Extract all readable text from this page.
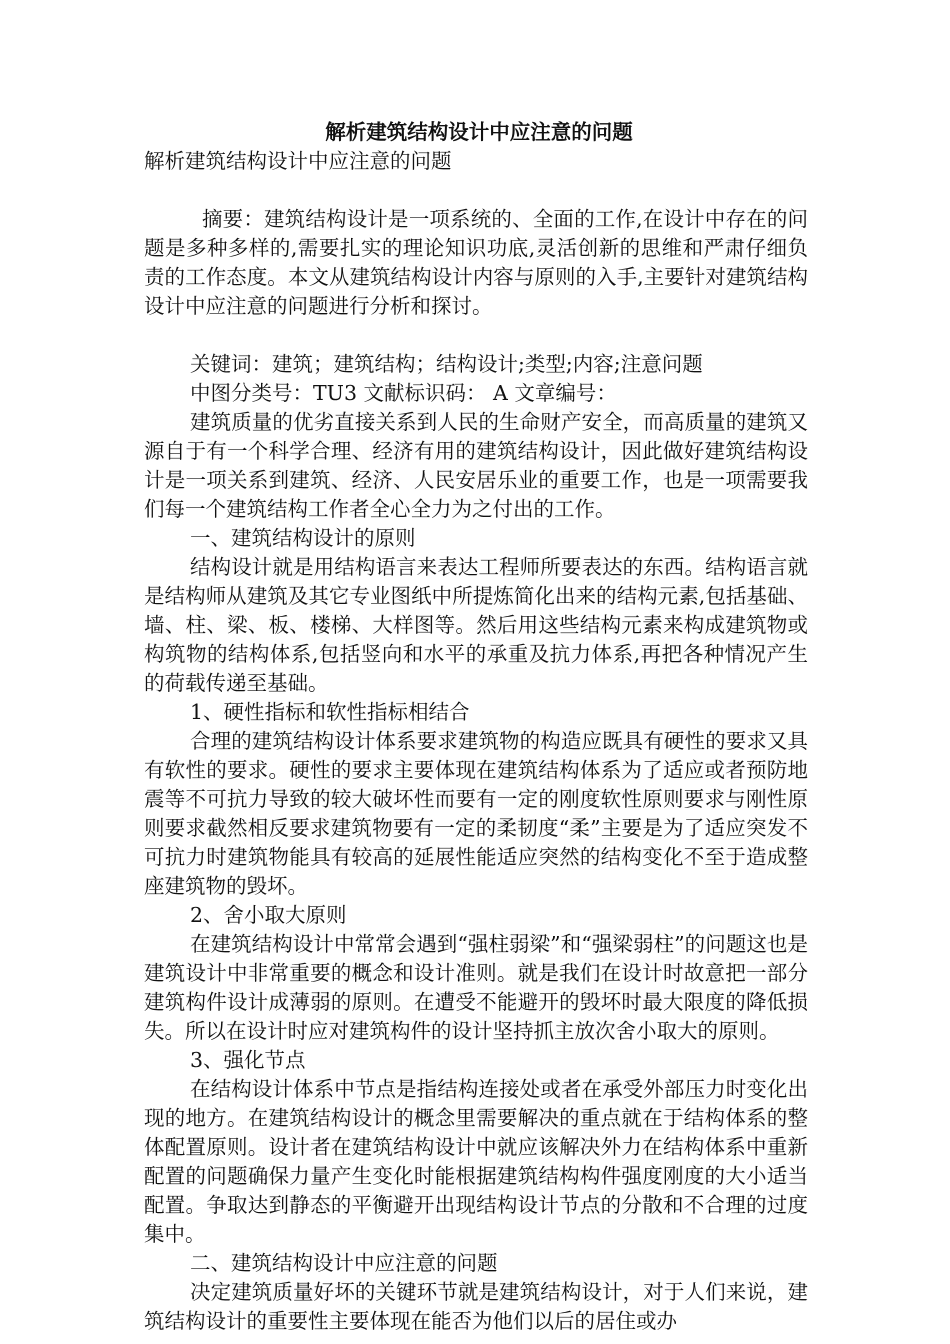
解析建筑结构设计中应注意的问题

解析建筑结构设计中应注意的问题

摘要：建筑结构设计是一项系统的、全面的工作,在设计中存在的问题是多种多样的,需要扎实的理论知识功底,灵活创新的思维和严肃仔细负责的工作态度。本文从建筑结构设计内容与原则的入手,主要针对建筑结构设计中应注意的问题进行分析和探讨。

关键词：建筑；建筑结构；结构设计;类型;内容;注意问题

中图分类号：TU3 文献标识码： A 文章编号：

建筑质量的优劣直接关系到人民的生命财产安全，而高质量的建筑又源自于有一个科学合理、经济有用的建筑结构设计，因此做好建筑结构设计是一项关系到建筑、经济、人民安居乐业的重要工作，也是一项需要我们每一个建筑结构工作者全心全力为之付出的工作。

一、建筑结构设计的原则

结构设计就是用结构语言来表达工程师所要表达的东西。结构语言就是结构师从建筑及其它专业图纸中所提炼简化出来的结构元素,包括基础、墙、柱、梁、板、楼梯、大样图等。然后用这些结构元素来构成建筑物或构筑物的结构体系,包括竖向和水平的承重及抗力体系,再把各种情况产生的荷载传递至基础。

1、硬性指标和软性指标相结合

合理的建筑结构设计体系要求建筑物的构造应既具有硬性的要求又具有软性的要求。硬性的要求主要体现在建筑结构体系为了适应或者预防地震等不可抗力导致的较大破坏性而要有一定的刚度软性原则要求与刚性原则要求截然相反要求建筑物要有一定的柔韧度“柔”主要是为了适应突发不可抗力时建筑物能具有较高的延展性能适应突然的结构变化不至于造成整座建筑物的毁坏。

2、舍小取大原则

在建筑结构设计中常常会遇到“强柱弱梁”和“强梁弱柱”的问题这也是建筑设计中非常重要的概念和设计准则。就是我们在设计时故意把一部分建筑构件设计成薄弱的原则。在遭受不能避开的毁坏时最大限度的降低损失。所以在设计时应对建筑构件的设计坚持抓主放次舍小取大的原则。

3、强化节点

在结构设计体系中节点是指结构连接处或者在承受外部压力时变化出现的地方。在建筑结构设计的概念里需要解决的重点就在于结构体系的整体配置原则。设计者在建筑结构设计中就应该解决外力在结构体系中重新配置的问题确保力量产生变化时能根据建筑结构构件强度刚度的大小适当配置。争取达到静态的平衡避开出现结构设计节点的分散和不合理的过度集中。

二、建筑结构设计中应注意的问题

决定建筑质量好坏的关键环节就是建筑结构设计，对于人们来说，建筑结构设计的重要性主要体现在能否为他们以后的居住或办
